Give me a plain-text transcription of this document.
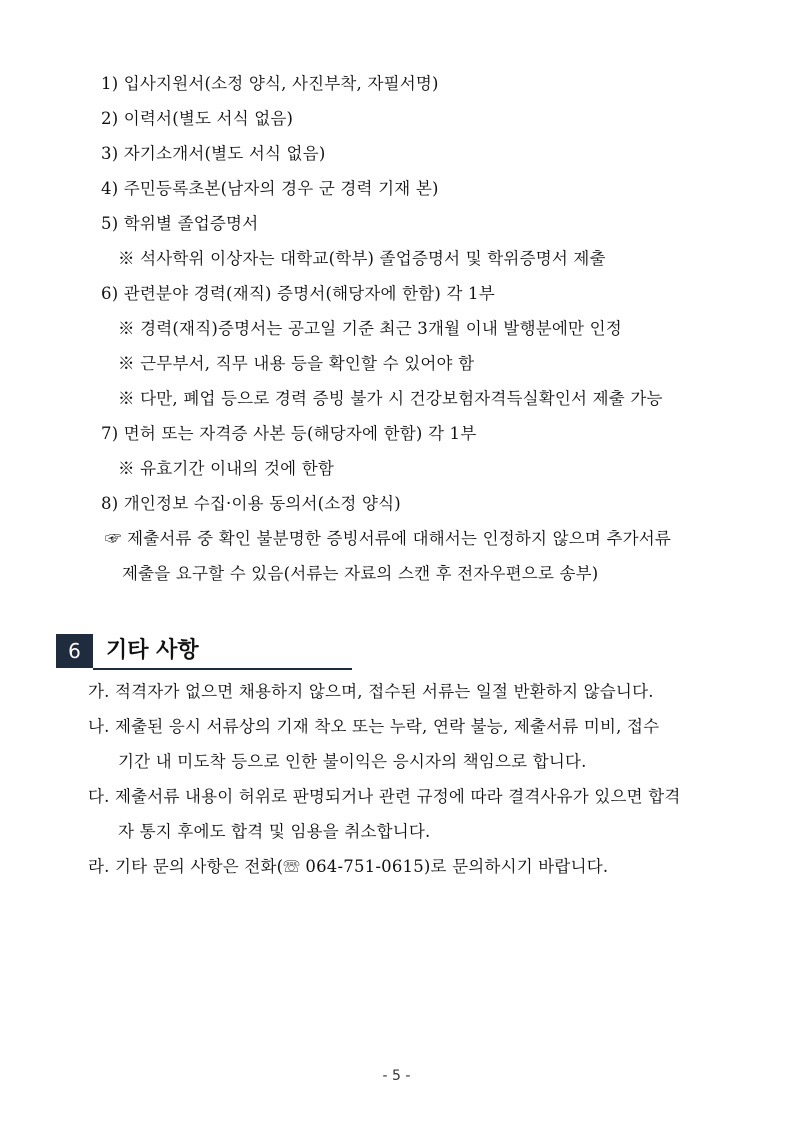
1) 입사지원서(소정 양식, 사진부착, 자필서명)
2) 이력서(별도 서식 없음)
3) 자기소개서(별도 서식 없음)
4) 주민등록초본(남자의 경우 군 경력 기재 본)
5) 학위별 졸업증명서
※ 석사학위 이상자는 대학교(학부) 졸업증명서 및 학위증명서 제출
6) 관련분야 경력(재직) 증명서(해당자에 한함) 각 1부
※ 경력(재직)증명서는 공고일 기준 최근 3개월 이내 발행분에만 인정
※ 근무부서, 직무 내용 등을 확인할 수 있어야 함
※ 다만, 폐업 등으로 경력 증빙 불가 시 건강보험자격득실확인서 제출 가능
7) 면허 또는 자격증 사본 등(해당자에 한함) 각 1부
※ 유효기간 이내의 것에 한함
8) 개인정보 수집·이용 동의서(소정 양식)
☞ 제출서류 중 확인 불분명한 증빙서류에 대해서는 인정하지 않으며 추가서류
제출을 요구할 수 있음(서류는 자료의 스캔 후 전자우편으로 송부)
6	기타 사항
가. 적격자가 없으면 채용하지 않으며, 접수된 서류는 일절 반환하지 않습니다.
나. 제출된 응시 서류상의 기재 착오 또는 누락, 연락 불능, 제출서류 미비, 접수
기간 내 미도착 등으로 인한 불이익은 응시자의 책임으로 합니다.
다. 제출서류 내용이 허위로 판명되거나 관련 규정에 따라 결격사유가 있으면 합격
자 통지 후에도 합격 및 임용을 취소합니다.
라. 기타 문의 사항은 전화(☏ 064-751-0615)로 문의하시기 바랍니다.
- 5 -
